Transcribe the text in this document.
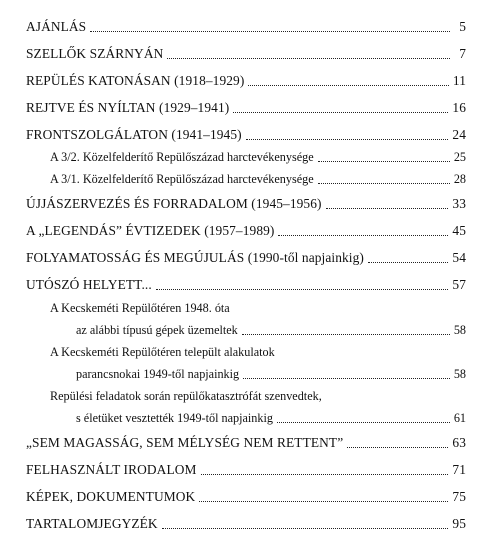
AJÁNLÁS	5
SZELLŐK SZÁRNYÁN	7
REPÜLÉS KATONÁSAN (1918–1929)	11
REJTVE ÉS NYÍLTAN (1929–1941)	16
FRONTSZOLGÁLATON (1941–1945)	24
A 3/2. Közelfelderítő Repülőszázad harctevékenysége	25
A 3/1. Közelfelderítő Repülőszázad harctevékenysége	28
ÚJJÁSZERVEZÉS ÉS FORRADALOM (1945–1956)	33
A „LEGENDÁS” ÉVTIZEDEK (1957–1989)	45
FOLYAMATOSSÁG ÉS MEGÚJULÁS (1990-től napjainkig)	54
UTÓSZÓ HELYETT...	57
A Kecskeméti Repülőtéren 1948. óta
az alábbi típusú gépek üzemeltek	58
A Kecskeméti Repülőtéren települt alakulatok
parancsnokai 1949-től napjainkig	58
Repülési feladatok során repülőkatasztrófát szenvedtek,
s életüket vesztették 1949-től napjainkig	61
„SEM MAGASSÁG, SEM MÉLYSÉG NEM RETTENT”	63
FELHASZNÁLT IRODALOM	71
KÉPEK, DOKUMENTUMOK	75
TARTALOMJEGYZÉK	95
